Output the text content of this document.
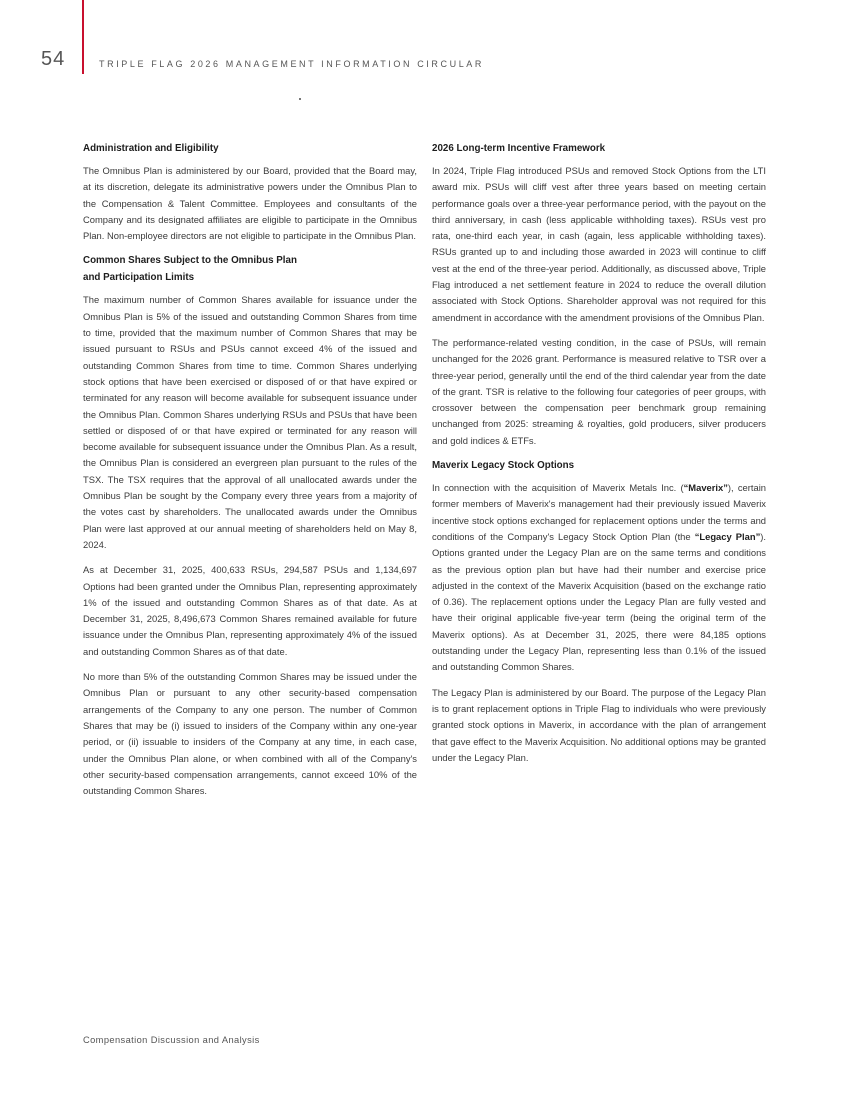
54	TRIPLE FLAG 2026 MANAGEMENT INFORMATION CIRCULAR
Administration and Eligibility

The Omnibus Plan is administered by our Board, provided that the Board may, at its discretion, delegate its administrative powers under the Omnibus Plan to the Compensation & Talent Committee. Employees and consultants of the Company and its designated affiliates are eligible to participate in the Omnibus Plan. Non-employee directors are not eligible to participate in the Omnibus Plan.

Common Shares Subject to the Omnibus Plan
and Participation Limits

The maximum number of Common Shares available for issuance under the Omnibus Plan is 5% of the issued and outstanding Common Shares from time to time, provided that the maximum number of Common Shares that may be issued pursuant to RSUs and PSUs cannot exceed 4% of the issued and outstanding Common Shares from time to time. Common Shares underlying stock options that have been exercised or disposed of or that have expired or terminated for any reason will become available for subsequent issuance under the Omnibus Plan. Common Shares underlying RSUs and PSUs that have been settled or disposed of or that have expired or terminated for any reason will become available for subsequent issuance under the Omnibus Plan. As a result, the Omnibus Plan is considered an evergreen plan pursuant to the rules of the TSX. The TSX requires that the approval of all unallocated awards under the Omnibus Plan be sought by the Company every three years from a majority of the votes cast by shareholders. The unallocated awards under the Omnibus Plan were last approved at our annual meeting of shareholders held on May 8, 2024.

As at December 31, 2025, 400,633 RSUs, 294,587 PSUs and 1,134,697 Options had been granted under the Omnibus Plan, representing approximately 1% of the issued and outstanding Common Shares as of that date. As at December 31, 2025, 8,496,673 Common Shares remained available for future issuance under the Omnibus Plan, representing approximately 4% of the issued and outstanding Common Shares as of that date.

No more than 5% of the outstanding Common Shares may be issued under the Omnibus Plan or pursuant to any other security-based compensation arrangements of the Company to any one person. The number of Common Shares that may be (i) issued to insiders of the Company within any one-year period, or (ii) issuable to insiders of the Company at any time, in each case, under the Omnibus Plan alone, or when combined with all of the Company's other security-based compensation arrangements, cannot exceed 10% of the outstanding Common Shares.

2026 Long-term Incentive Framework

In 2024, Triple Flag introduced PSUs and removed Stock Options from the LTI award mix. PSUs will cliff vest after three years based on meeting certain performance goals over a three-year performance period, with the payout on the third anniversary, in cash (less applicable withholding taxes). RSUs vest pro rata, one-third each year, in cash (again, less applicable withholding taxes). RSUs granted up to and including those awarded in 2023 will continue to cliff vest at the end of the three-year period. Additionally, as discussed above, Triple Flag introduced a net settlement feature in 2024 to reduce the overall dilution associated with Stock Options. Shareholder approval was not required for this amendment in accordance with the amendment provisions of the Omnibus Plan.

The performance-related vesting condition, in the case of PSUs, will remain unchanged for the 2026 grant. Performance is measured relative to TSR over a three-year period, generally until the end of the third calendar year from the date of the grant. TSR is relative to the following four categories of peer groups, with crossover between the compensation peer benchmark group remaining unchanged from 2025: streaming & royalties, gold producers, silver producers and gold indices & ETFs.

Maverix Legacy Stock Options

In connection with the acquisition of Maverix Metals Inc. (“Maverix”), certain former members of Maverix's management had their previously issued Maverix incentive stock options exchanged for replacement options under the terms and conditions of the Company's Legacy Stock Option Plan (the “Legacy Plan”). Options granted under the Legacy Plan are on the same terms and conditions as the previous option plan but have had their number and exercise price adjusted in the context of the Maverix Acquisition (based on the exchange ratio of 0.36). The replacement options under the Legacy Plan are fully vested and have their original applicable five-year term (being the original term of the Maverix options). As at December 31, 2025, there were 84,185 options outstanding under the Legacy Plan, representing less than 0.1% of the issued and outstanding Common Shares.

The Legacy Plan is administered by our Board. The purpose of the Legacy Plan is to grant replacement options in Triple Flag to individuals who were previously granted stock options in Maverix, in accordance with the plan of arrangement that gave effect to the Maverix Acquisition. No additional options may be granted under the Legacy Plan.

Compensation Discussion and Analysis
